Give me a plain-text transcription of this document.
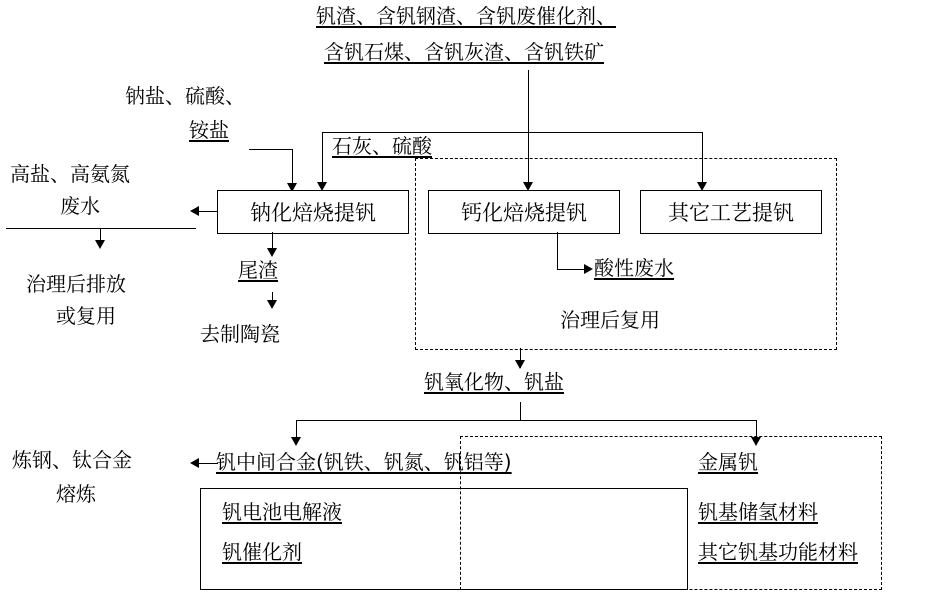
钒渣、含钒钢渣、含钒废催化剂、
含钒石煤、含钒灰渣、含钒铁矿
钠盐、硫酸、
铵盐
石灰、硫酸
钠化焙烧提钒	钙化焙烧提钒	其它工艺提钒
高盐、高氨氮
废水
治理后排放
或复用
尾渣
去制陶瓷
酸性废水
治理后复用
钒氧化物、钒盐
炼钢、钛合金
熔炼
钒中间合金(钒铁、钒氮、钒铝等)
钒电池电解液
钒催化剂
金属钒
钒基储氢材料
其它钒基功能材料
